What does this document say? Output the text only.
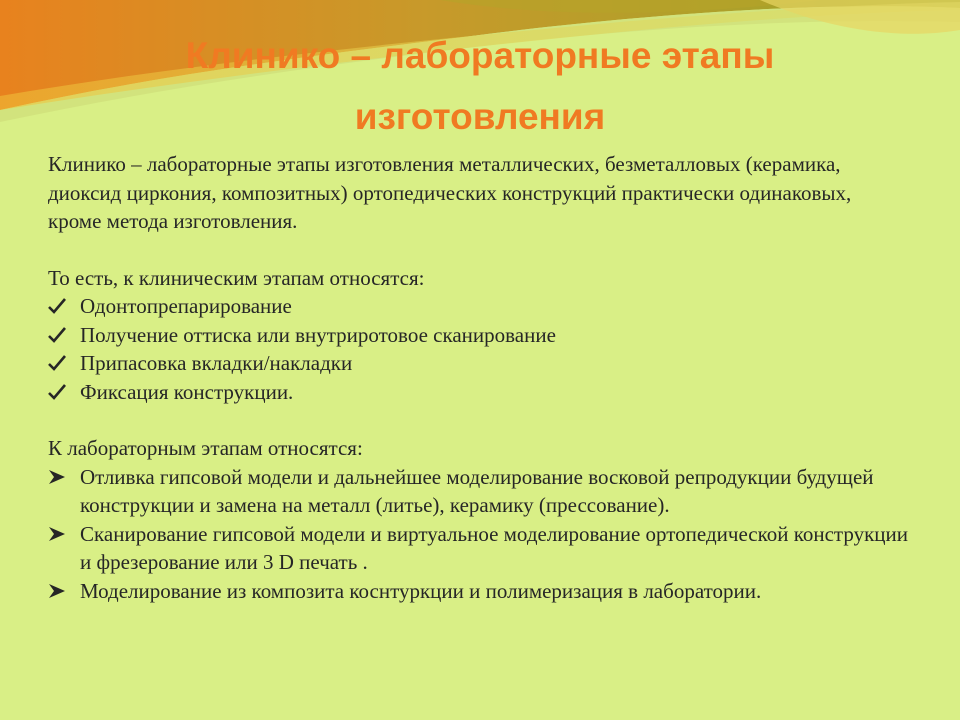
Клинико – лабораторные этапы
изготовления

Клинико – лабораторные этапы изготовления металлических, безметалловых (керамика, диоксид циркония, композитных) ортопедических конструкций практически одинаковых, кроме метода изготовления.

То есть, к клиническим этапам относятся:

Одонтопрепарирование
Получение оттиска или внутриротовое сканирование
Припасовка вкладки/накладки
Фиксация конструкции.

К лабораторным этапам относятся:

Отливка гипсовой модели и дальнейшее моделирование восковой репродукции будущей конструкции и замена на металл (литье), керамику (прессование).
Сканирование гипсовой модели и виртуальное моделирование ортопедической конструкции и фрезерование или 3 D печать .
Моделирование из композита коснтуркции и полимеризация в лаборатории.
